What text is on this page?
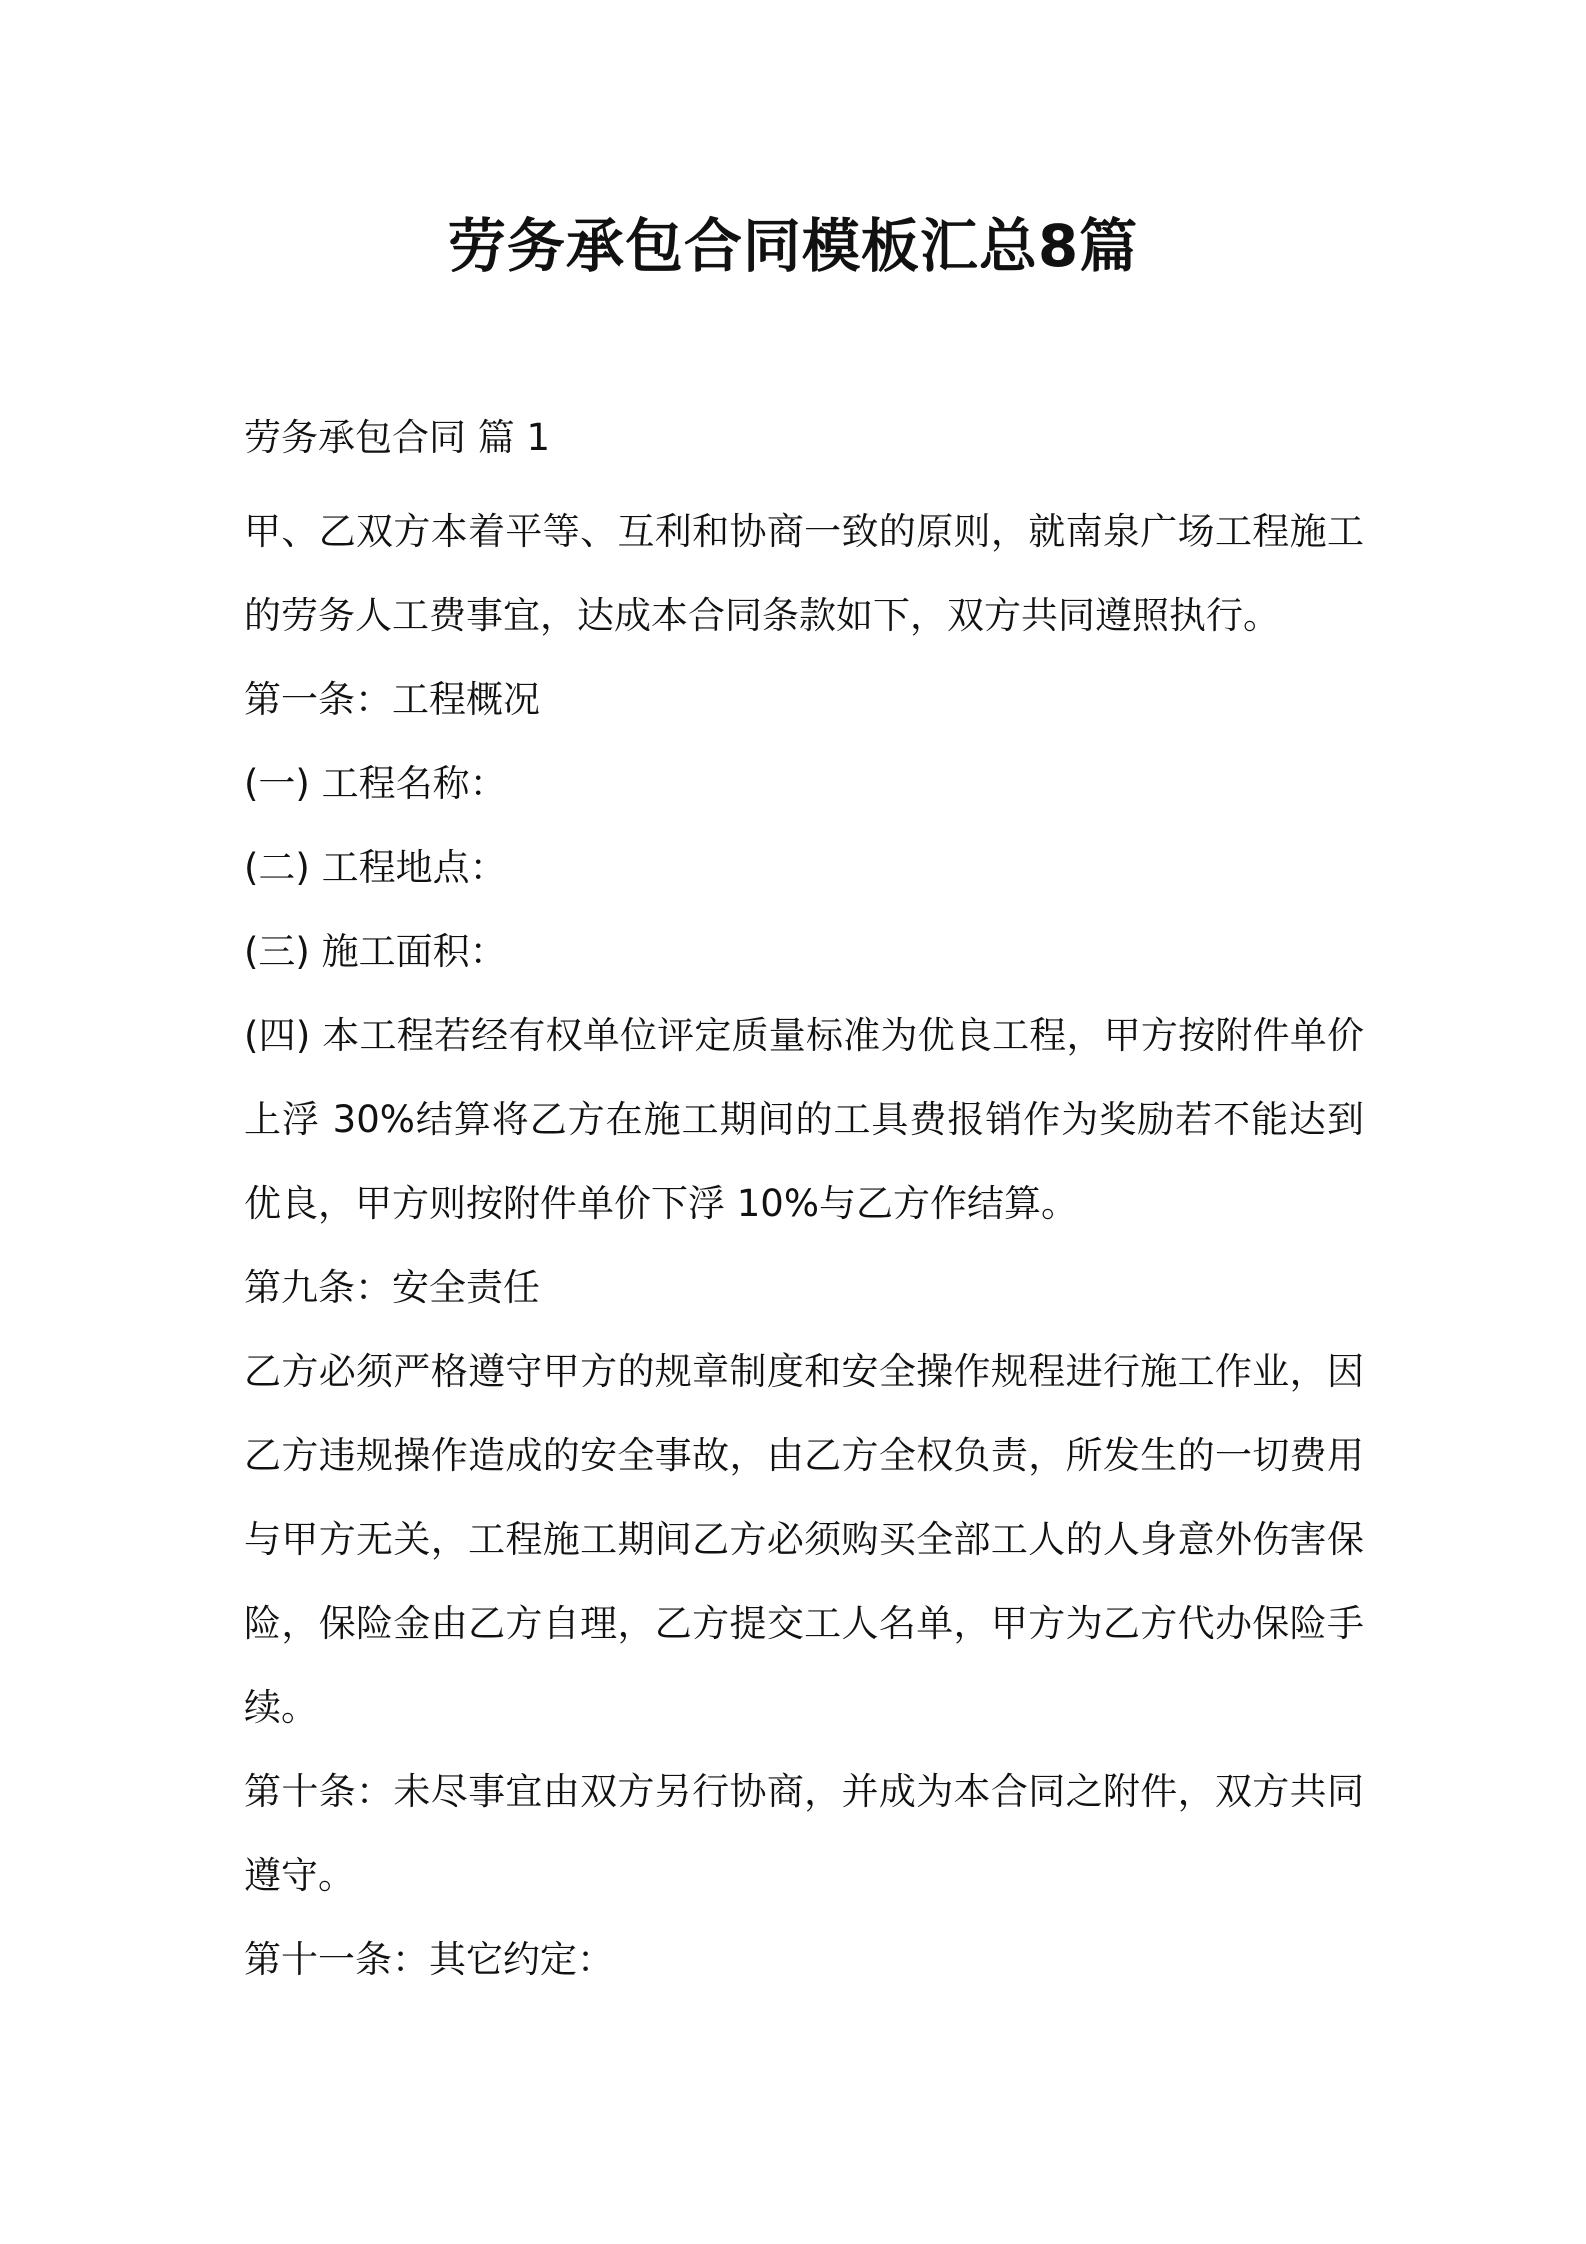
劳务承包合同模板汇总8篇
劳务承包合同 篇 1

甲、乙双方本着平等、互利和协商一致的原则，就南泉广场工程施工的劳务人工费事宜，达成本合同条款如下，双方共同遵照执行。

第一条：工程概况

(一) 工程名称：

(二) 工程地点：

(三) 施工面积：

(四) 本工程若经有权单位评定质量标准为优良工程，甲方按附件单价上浮 30%结算将乙方在施工期间的工具费报销作为奖励若不能达到优良，甲方则按附件单价下浮 10%与乙方作结算。

第九条：安全责任

乙方必须严格遵守甲方的规章制度和安全操作规程进行施工作业，因乙方违规操作造成的安全事故，由乙方全权负责，所发生的一切费用与甲方无关，工程施工期间乙方必须购买全部工人的人身意外伤害保险，保险金由乙方自理，乙方提交工人名单，甲方为乙方代办保险手续。

第十条：未尽事宜由双方另行协商，并成为本合同之附件，双方共同遵守。

第十一条：其它约定：
